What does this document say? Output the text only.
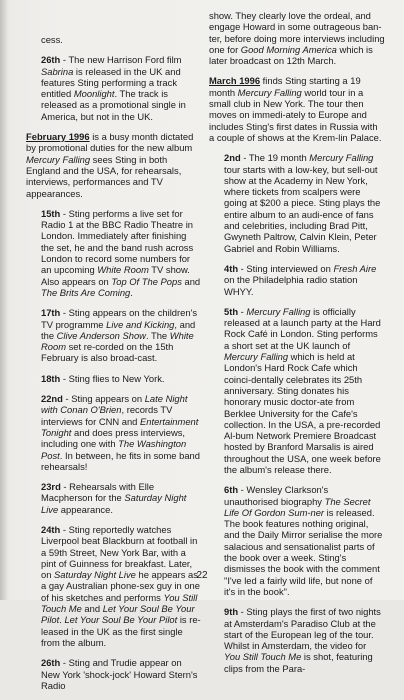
cess.

26th - The new Harrison Ford film Sabrina is released in the UK and features Sting performing a track entitled Moonlight. The track is released as a promotional single in America, but not in the UK.

February 1996 is a busy month dictated by promotional duties for the new album Mercury Falling sees Sting in both England and the USA, for rehearsals, interviews, performances and TV appearances.

15th - Sting performs a live set for Radio 1 at the BBC Radio Theatre in London. Immediately after finishing the set, he and the band rush across London to record some numbers for an upcoming White Room TV show. Also appears on Top Of The Pops and The Brits Are Coming.

17th - Sting appears on the children's TV programme Live and Kicking, and the Clive Anderson Show. The White Room set re-corded on the 15th February is also broad-cast.

18th - Sting flies to New York.

22nd - Sting appears on Late Night with Conan O'Brien, records TV interviews for CNN and Entertainment Tonight and does press interviews, including one with The Washington Post. In between, he fits in some band rehearsals!

23rd - Rehearsals with Elle Macpherson for the Saturday Night Live appearance.

24th - Sting reportedly watches Liverpool beat Blackburn at football in a 59th Street, New York Bar, with a pint of Guinness for breakfast. Later, on Saturday Night Live he appears as a gay Australian phone-sex guy in one of his sketches and performs You Still Touch Me and Let Your Soul Be Your Pilot. Let Your Soul Be Your Pilot is re-leased in the UK as the first single from the album.

26th - Sting and Trudie appear on New York 'shock-jock' Howard Stern's Radio

show. They clearly love the ordeal, and engage Howard in some outrageous ban-ter, before doing more interviews including one for Good Morning America which is later broadcast on 12th March.

March 1996 finds Sting starting a 19 month Mercury Falling world tour in a small club in New York. The tour then moves on immedi-ately to Europe and includes Sting's first dates in Russia with a couple of shows at the Krem-lin Palace.

2nd - The 19 month Mercury Falling tour starts with a low-key, but sell-out show at the Academy in New York, where tickets from scalpers were going at $200 a piece. Sting plays the entire album to an audi-ence of fans and celebrities, including Brad Pitt, Gwyneth Paltrow, Calvin Klein, Peter Gabriel and Robin Williams.

4th - Sting interviewed on Fresh Aire on the Philadelphia radio station WHYY.

5th - Mercury Falling is officially released at a launch party at the Hard Rock Café in London. Sting performs a short set at the UK launch of Mercury Falling which is held at London's Hard Rock Cafe which coinci-dentally celebrates its 25th anniversary. Sting donates his honorary music doctor-ate from Berklee University for the Cafe's collection. In the USA, a pre-recorded Al-bum Network Premiere Broadcast hosted by Branford Marsalis is aired throughout the USA, one week before the album's release there.

6th - Wensley Clarkson's unauthorised biography The Secret Life Of Gordon Sum-ner is released. The book features nothing original, and the Daily Mirror serialise the more salacious and sensationalist parts of the book over a week. Sting's dismisses the book with the comment "I've led a fairly wild life, but none of it's in the book".

9th - Sting plays the first of two nights at Amsterdam's Paradiso Club at the start of the European leg of the tour. Whilst in Amsterdam, the video for You Still Touch Me is shot, featuring clips from the Para-

22
